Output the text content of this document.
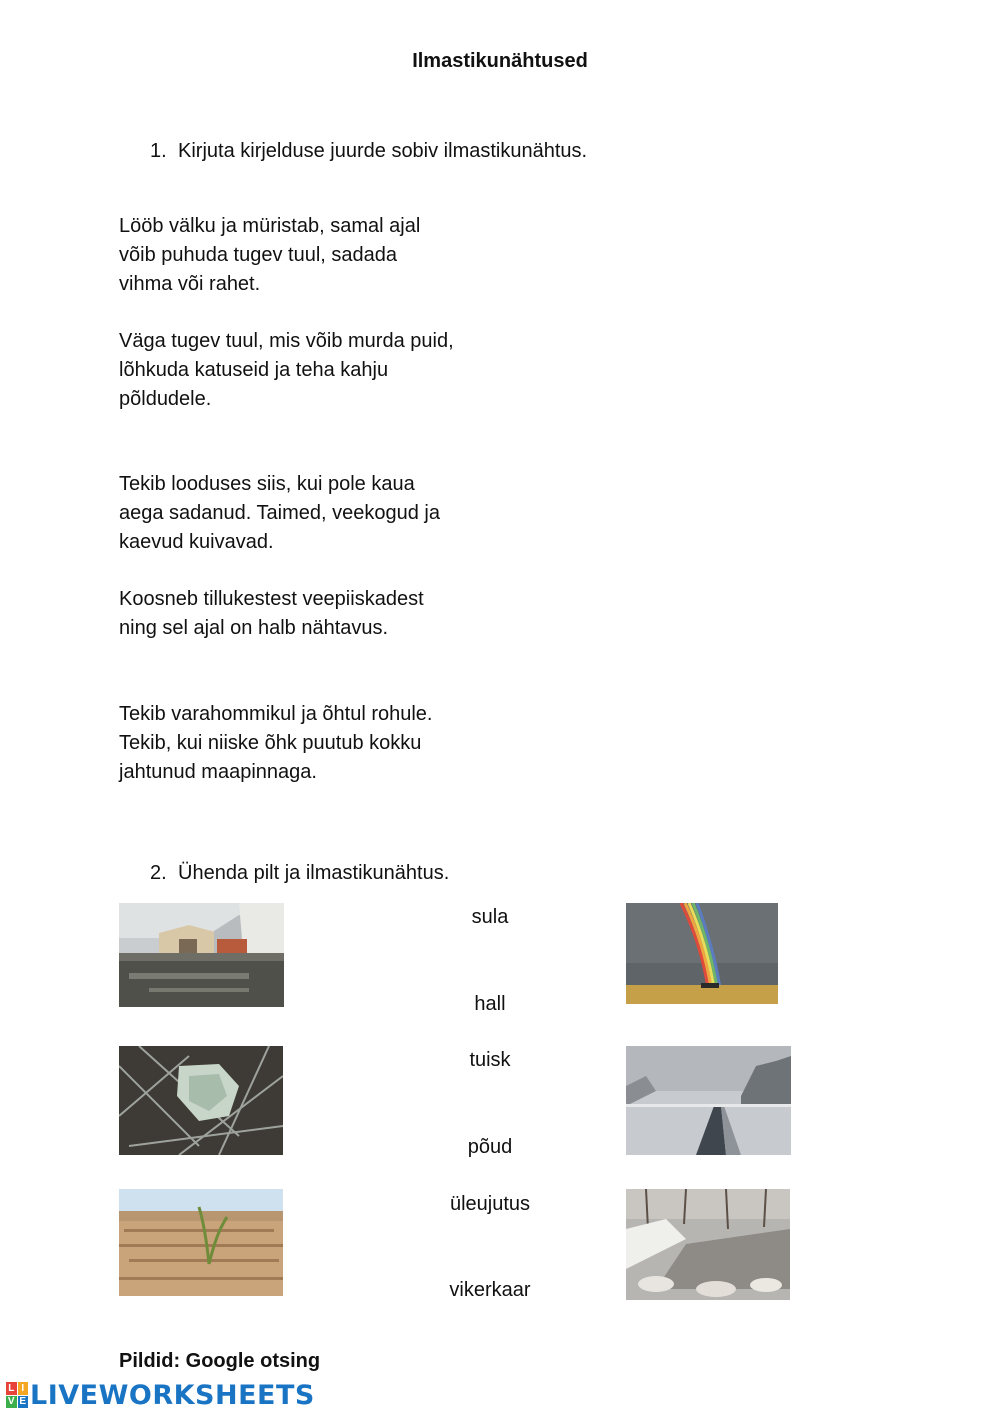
Ilmastikunähtused
1. Kirjuta kirjelduse juurde sobiv ilmastikunähtus.
Lööb välku ja müristab, samal ajal
võib puhuda tugev tuul, sadada
vihma või rahet.
Väga tugev tuul, mis võib murda puid,
lõhkuda katuseid ja teha kahju
põldudele.
Tekib looduses siis, kui pole kaua
aega sadanud. Taimed, veekogud ja
kaevud kuivavad.
Koosneb tillukestest veepiiskadest
ning sel ajal on halb nähtavus.
Tekib varahommikul ja õhtul rohule.
Tekib, kui niiske õhk puutub kokku
jahtunud maapinnaga.
2. Ühenda pilt ja ilmastikunähtus.
sula
hall
tuisk
põud
üleujutus
vikerkaar
Pildid: Google otsing
L I
V E LIVEWORKSHEETS
